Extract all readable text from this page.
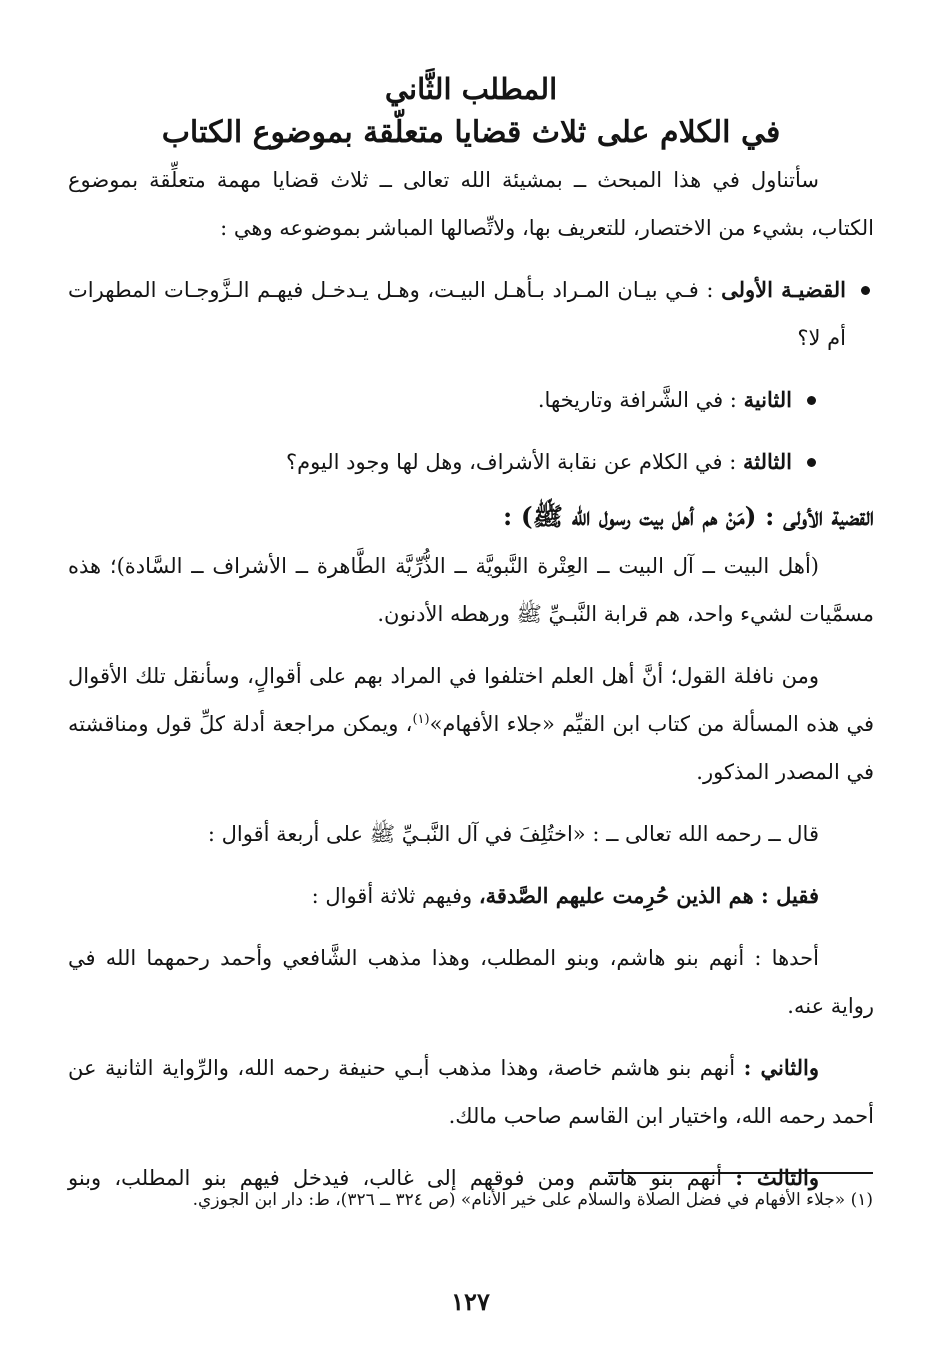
المطلب الثَّاني
في الكلام على ثلاث قضايا متعلّقة بموضوع الكتاب

سأتناول في هذا المبحث ــ بمشيئة الله تعالى ــ ثلاث قضايا مهمة متعلِّقة بموضوع الكتاب، بشيء من الاختصار، للتعريف بها، ولاتِّصالها المباشر بموضوعه وهي :

القضيـة الأولى : فـي بيـان المـراد بـأهـل البيـت، وهـل يـدخـل فيهـم الـزَّوجـات المطهرات أم لا؟

الثانية : في الشَّرافة وتاريخها.

الثالثة : في الكلام عن نقابة الأشراف، وهل لها وجود اليوم؟

القضية الأولى : (مَنْ هم أهل بيت رسول الله ﷺ) :

(أهل البيت ــ آل البيت ــ العِتْرة النَّبويَّة ــ الذُّرِّيَّة الطَّاهرة ــ الأشراف ــ السَّادة)؛ هذه مسمَّيات لشيء واحد، هم قرابة النَّبـيِّ ﷺ ورهطه الأدنون.

ومن نافلة القول؛ أنَّ أهل العلم اختلفوا في المراد بهم على أقوالٍ، وسأنقل تلك الأقوال في هذه المسألة من كتاب ابن القيِّم «جلاء الأفهام»$^{(١)}$، ويمكن مراجعة أدلة كلِّ قول ومناقشته في المصدر المذكور.

قال ــ رحمه الله تعالى ــ : «اختُلِفَ في آل النَّبـيِّ ﷺ على أربعة أقوال :

فقيل : هم الذين حُرِمت عليهم الصَّدقة، وفيهم ثلاثة أقوال :

أحدها : أنهم بنو هاشم، وبنو المطلب، وهذا مذهب الشَّافعي وأحمد رحمهما الله في رواية عنه.

والثاني : أنهم بنو هاشم خاصة، وهذا مذهب أبـي حنيفة رحمه الله، والرِّواية الثانية عن أحمد رحمه الله، واختيار ابن القاسم صاحب مالك.

والثالث : أنهم بنو هاشم ومن فوقهم إلى غالب، فيدخل فيهم بنو المطلب، وبنو

(١) «جلاء الأفهام في فضل الصلاة والسلام على خير الأنام» (ص ٣٢٤ ــ ٣٢٦)، ط: دار ابن الجوزي.
١٢٧
